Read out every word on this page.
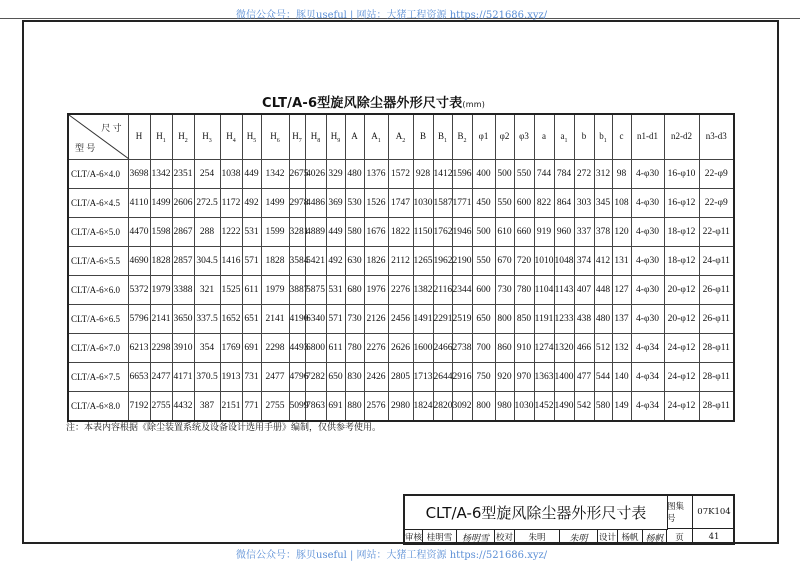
微信公众号：豚贝useful | 网站：大猪工程资源 https://521686.xyz/
CLT/A-6型旋风除尘器外形尺寸表(mm)
尺 寸
型 号	H	$H_1$	$H_2$	$H_3$	$H_4$	$H_5$	$H_6$	$H_7$	$H_8$	$H_9$	A	$A_1$	$A_2$	B	$B_1$	$B_2$	φ1	φ2	φ3	a	$a_1$	b	$b_1$	c	n1-d1	n2-d2	n3-d3
CLT/A-6×4.0	3698	1342	2351	254	1038	449	1342	2675	4026	329	480	1376	1572	928	1412	1596	400	500	550	744	784	272	312	98	4-φ30	16-φ10	22-φ9
CLT/A-6×4.5	4110	1499	2606	272.5	1172	492	1499	2978	4486	369	530	1526	1747	1030	1587	1771	450	550	600	822	864	303	345	108	4-φ30	16-φ12	22-φ9
CLT/A-6×5.0	4470	1598	2867	288	1222	531	1599	3281	4889	449	580	1676	1822	1150	1762	1946	500	610	660	919	960	337	378	120	4-φ30	18-φ12	22-φ11
CLT/A-6×5.5	4690	1828	2857	304.5	1416	571	1828	3584	5421	492	630	1826	2112	1265	1962	2190	550	670	720	1010	1048	374	412	131	4-φ30	18-φ12	24-φ11
CLT/A-6×6.0	5372	1979	3388	321	1525	611	1979	3887	5875	531	680	1976	2276	1382	2116	2344	600	730	780	1104	1143	407	448	127	4-φ30	20-φ12	26-φ11
CLT/A-6×6.5	5796	2141	3650	337.5	1652	651	2141	4190	6340	571	730	2126	2456	1491	2291	2519	650	800	850	1191	1233	438	480	137	4-φ30	20-φ12	26-φ11
CLT/A-6×7.0	6213	2298	3910	354	1769	691	2298	4493	6800	611	780	2276	2626	1600	2466	2738	700	860	910	1274	1320	466	512	132	4-φ34	24-φ12	28-φ11
CLT/A-6×7.5	6653	2477	4171	370.5	1913	731	2477	4796	7282	650	830	2426	2805	1713	2644	2916	750	920	970	1363	1400	477	544	140	4-φ34	24-φ12	28-φ11
CLT/A-6×8.0	7192	2755	4432	387	2151	771	2755	5099	7863	691	880	2576	2980	1824	2820	3092	800	980	1030	1452	1490	542	580	149	4-φ34	24-φ12	28-φ11
注：本表内容根据《除尘装置系统及设备设计选用手册》编制，仅供参考使用。
CLT/A-6型旋风除尘器外形尺寸表	图集号
07K104
审核 桂明雪	杨明雪 校对	朱明	朱明	设计 杨帆 杨帆	页	41
微信公众号：豚贝useful | 网站：大猪工程资源 https://521686.xyz/
